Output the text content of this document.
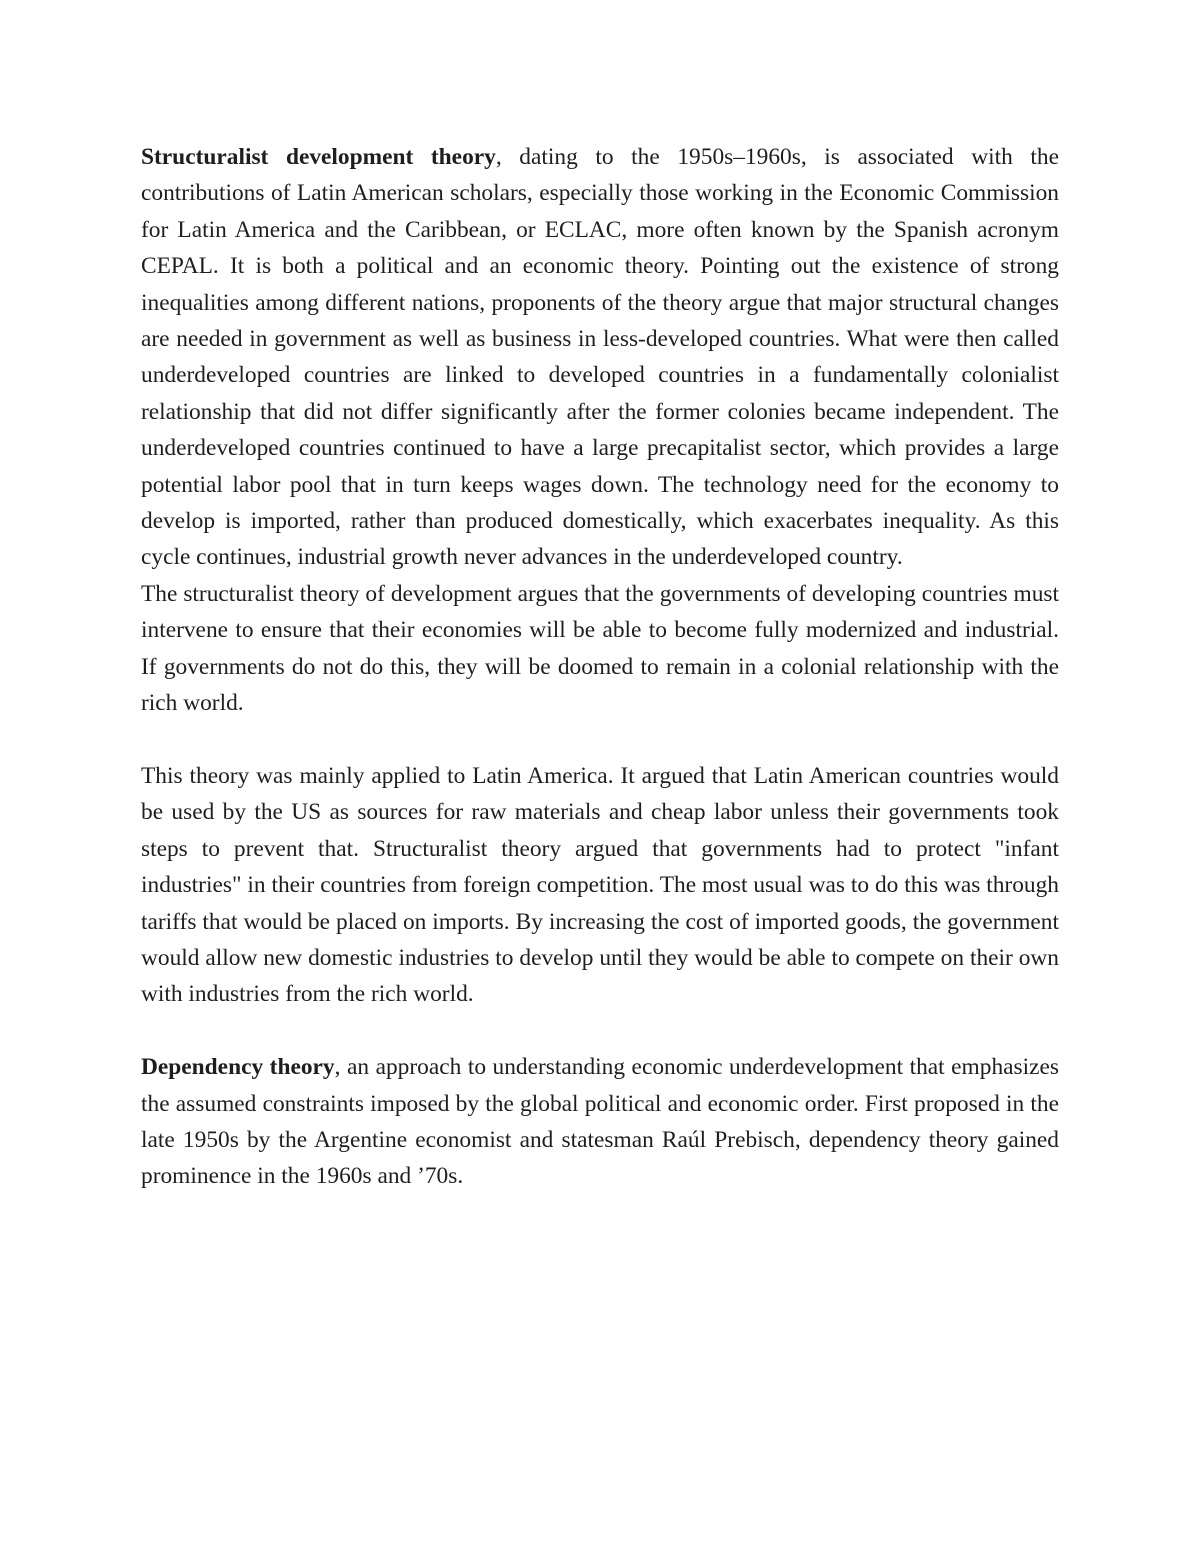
Structuralist development theory, dating to the 1950s–1960s, is associated with the contributions of Latin American scholars, especially those working in the Economic Commission for Latin America and the Caribbean, or ECLAC, more often known by the Spanish acronym CEPAL. It is both a political and an economic theory. Pointing out the existence of strong inequalities among different nations, proponents of the theory argue that major structural changes are needed in government as well as business in less-developed countries. What were then called underdeveloped countries are linked to developed countries in a fundamentally colonialist relationship that did not differ significantly after the former colonies became independent. The underdeveloped countries continued to have a large precapitalist sector, which provides a large potential labor pool that in turn keeps wages down. The technology need for the economy to develop is imported, rather than produced domestically, which exacerbates inequality. As this cycle continues, industrial growth never advances in the underdeveloped country.

The structuralist theory of development argues that the governments of developing countries must intervene to ensure that their economies will be able to become fully modernized and industrial. If governments do not do this, they will be doomed to remain in a colonial relationship with the rich world.

This theory was mainly applied to Latin America. It argued that Latin American countries would be used by the US as sources for raw materials and cheap labor unless their governments took steps to prevent that. Structuralist theory argued that governments had to protect "infant industries" in their countries from foreign competition. The most usual was to do this was through tariffs that would be placed on imports. By increasing the cost of imported goods, the government would allow new domestic industries to develop until they would be able to compete on their own with industries from the rich world.

Dependency theory, an approach to understanding economic underdevelopment that emphasizes the assumed constraints imposed by the global political and economic order. First proposed in the late 1950s by the Argentine economist and statesman Raúl Prebisch, dependency theory gained prominence in the 1960s and ’70s.
